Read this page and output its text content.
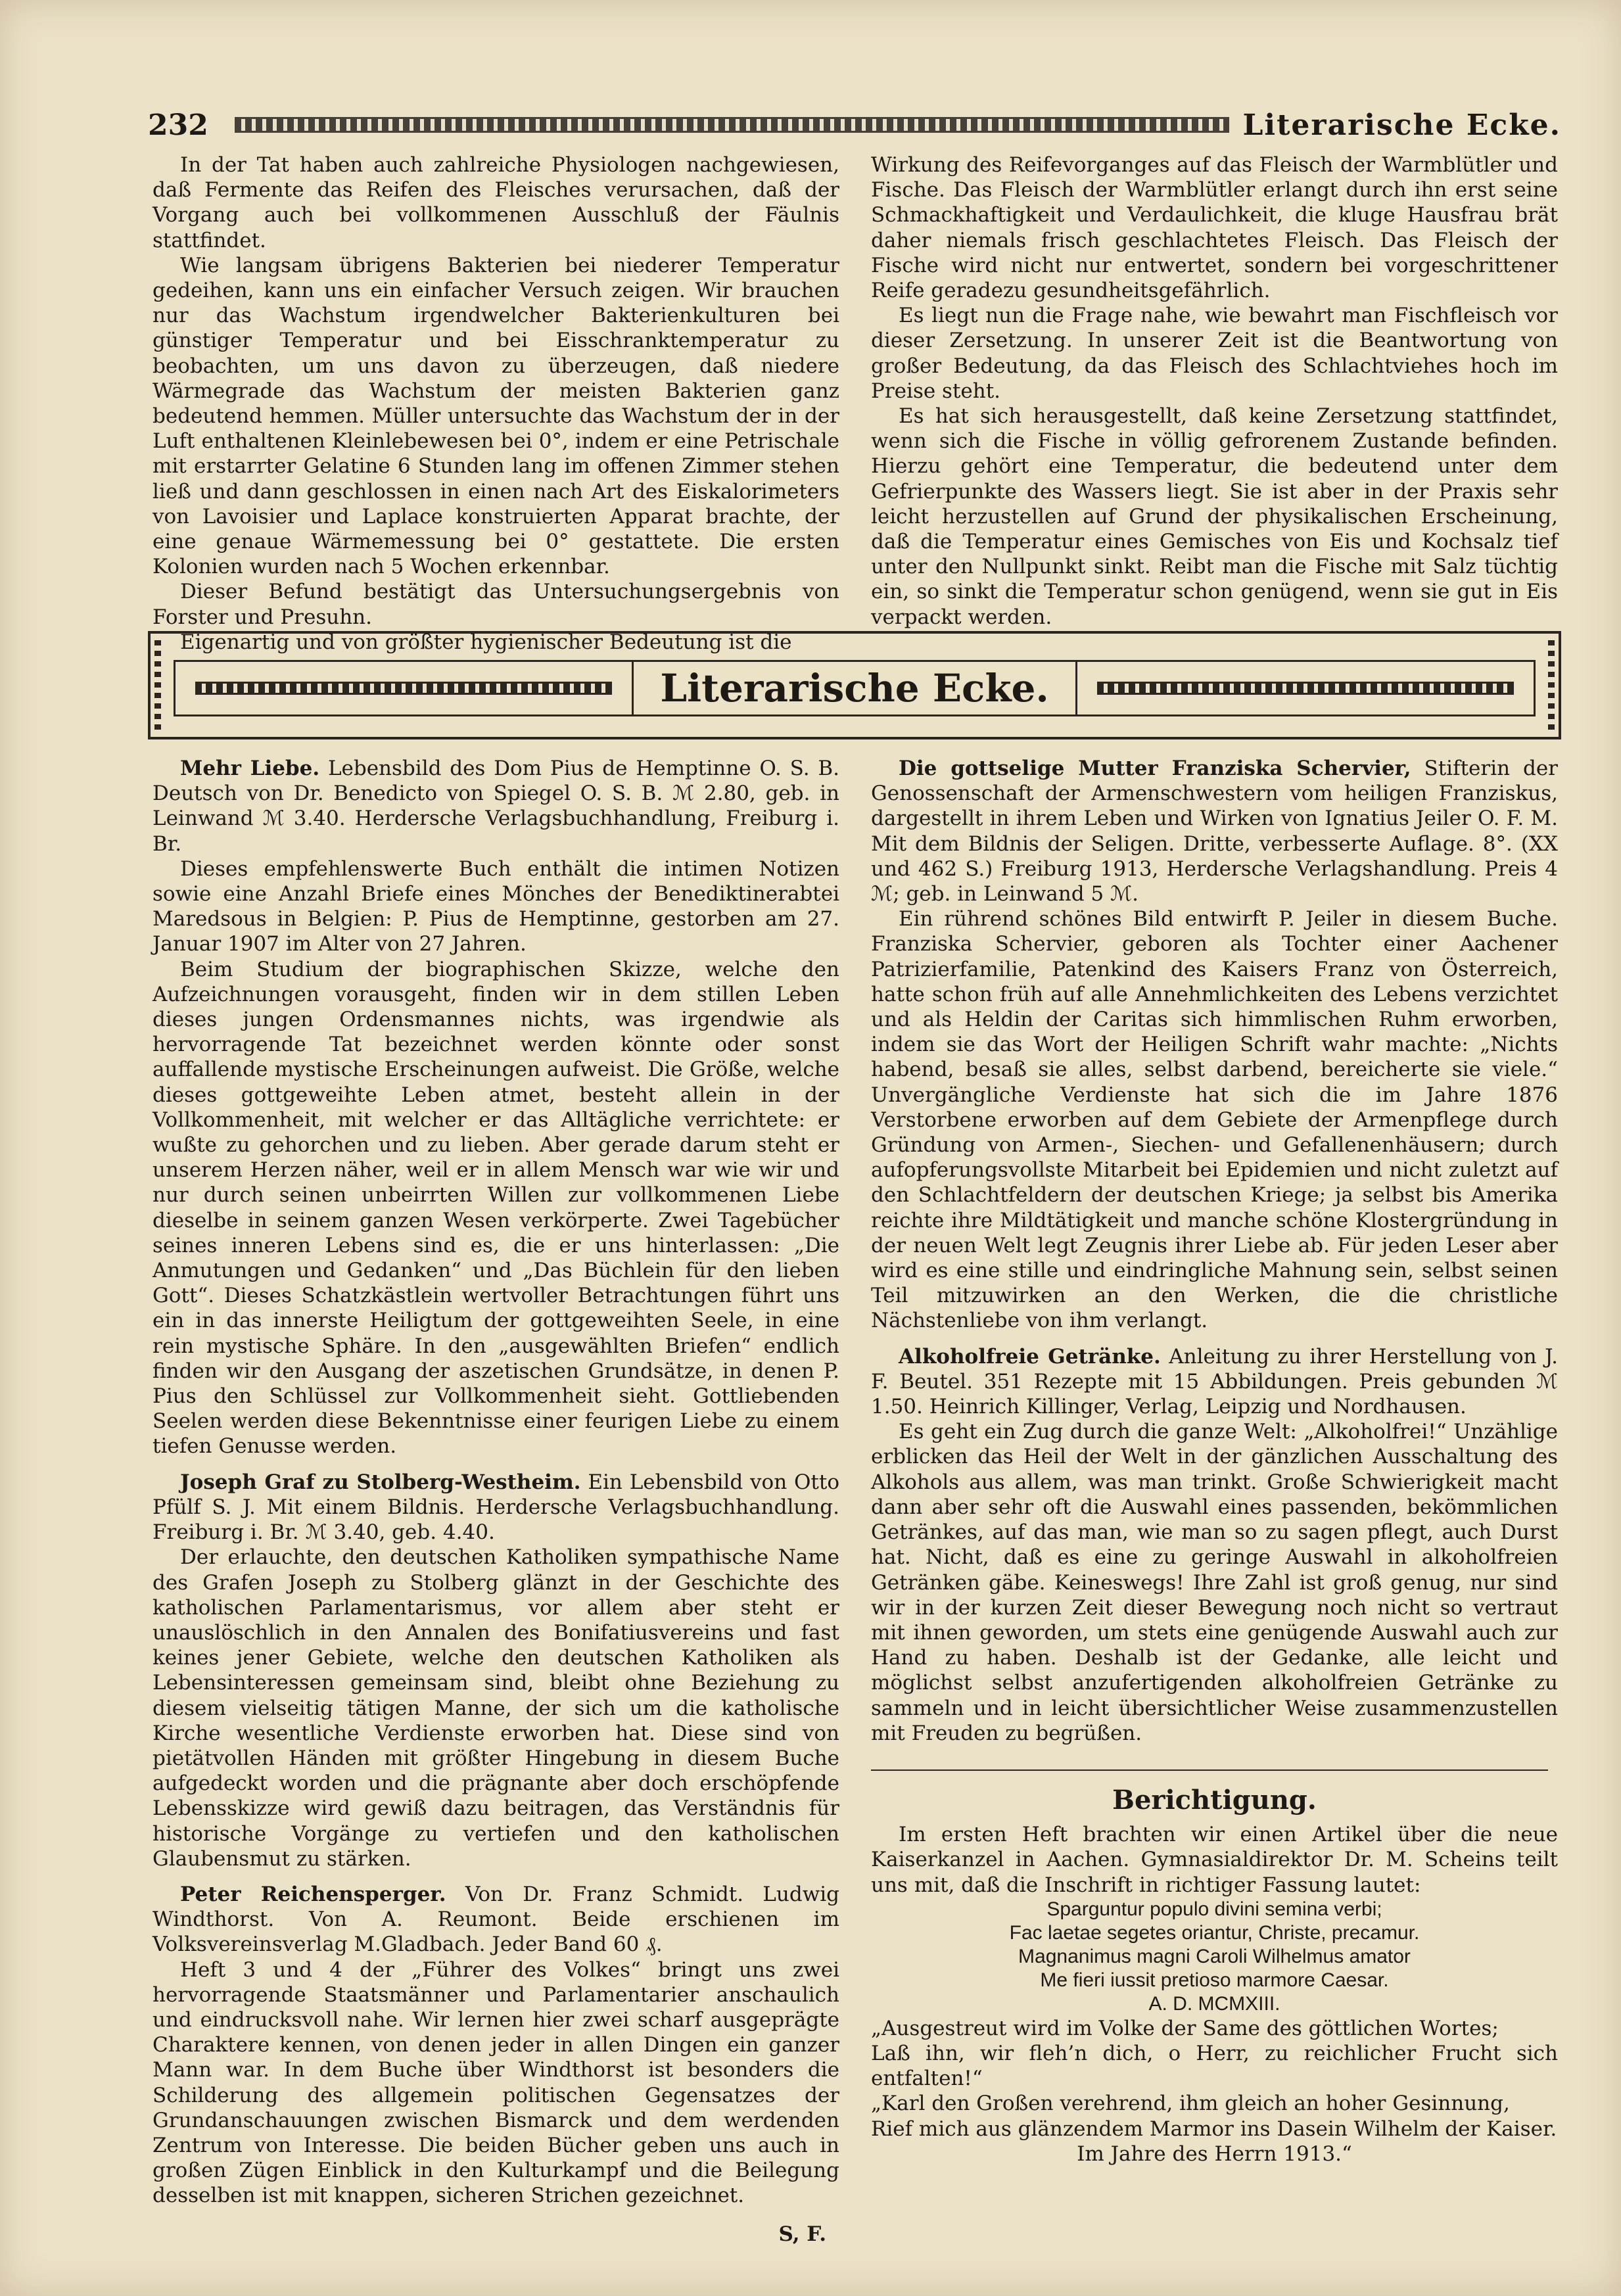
232	Literarische Ecke.

In der Tat haben auch zahlreiche Physiologen nachgewiesen, daß Fermente das Reifen des Fleisches verursachen, daß der Vorgang auch bei vollkommenen Ausschluß der Fäulnis stattfindet.

Wie langsam übrigens Bakterien bei niederer Temperatur gedeihen, kann uns ein einfacher Versuch zeigen. Wir brauchen nur das Wachstum irgendwelcher Bakterienkulturen bei günstiger Temperatur und bei Eisschranktemperatur zu beobachten, um uns davon zu überzeugen, daß niedere Wärmegrade das Wachstum der meisten Bakterien ganz bedeutend hemmen. Müller untersuchte das Wachstum der in der Luft enthaltenen Kleinlebewesen bei 0°, indem er eine Petrischale mit erstarrter Gelatine 6 Stunden lang im offenen Zimmer stehen ließ und dann geschlossen in einen nach Art des Eiskalorimeters von Lavoisier und Laplace konstruierten Apparat brachte, der eine genaue Wärmemessung bei 0° gestattete. Die ersten Kolonien wurden nach 5 Wochen erkennbar.

Dieser Befund bestätigt das Untersuchungsergebnis von Forster und Presuhn.

Eigenartig und von größter hygienischer Bedeutung ist die

Wirkung des Reifevorganges auf das Fleisch der Warmblütler und Fische. Das Fleisch der Warmblütler erlangt durch ihn erst seine Schmackhaftigkeit und Verdaulichkeit, die kluge Hausfrau brät daher niemals frisch geschlachtetes Fleisch. Das Fleisch der Fische wird nicht nur entwertet, sondern bei vorgeschrittener Reife geradezu gesundheitsgefährlich.

Es liegt nun die Frage nahe, wie bewahrt man Fischfleisch vor dieser Zersetzung. In unserer Zeit ist die Beantwortung von großer Bedeutung, da das Fleisch des Schlachtviehes hoch im Preise steht.

Es hat sich herausgestellt, daß keine Zersetzung stattfindet, wenn sich die Fische in völlig gefrorenem Zustande befinden. Hierzu gehört eine Temperatur, die bedeutend unter dem Gefrierpunkte des Wassers liegt. Sie ist aber in der Praxis sehr leicht herzustellen auf Grund der physikalischen Erscheinung, daß die Temperatur eines Gemisches von Eis und Kochsalz tief unter den Nullpunkt sinkt. Reibt man die Fische mit Salz tüchtig ein, so sinkt die Temperatur schon genügend, wenn sie gut in Eis verpackt werden.

Literarische Ecke.

Mehr Liebe. Lebensbild des Dom Pius de Hemptinne O. S. B. Deutsch von Dr. Benedicto von Spiegel O. S. B. ℳ 2.80, geb. in Leinwand ℳ 3.40. Herdersche Verlagsbuchhandlung, Freiburg i. Br.

Dieses empfehlenswerte Buch enthält die intimen Notizen sowie eine Anzahl Briefe eines Mönches der Benediktinerabtei Maredsous in Belgien: P. Pius de Hemptinne, gestorben am 27. Januar 1907 im Alter von 27 Jahren.

Beim Studium der biographischen Skizze, welche den Aufzeichnungen vorausgeht, finden wir in dem stillen Leben dieses jungen Ordensmannes nichts, was irgendwie als hervorragende Tat bezeichnet werden könnte oder sonst auffallende mystische Erscheinungen aufweist. Die Größe, welche dieses gottgeweihte Leben atmet, besteht allein in der Vollkommenheit, mit welcher er das Alltägliche verrichtete: er wußte zu gehorchen und zu lieben. Aber gerade darum steht er unserem Herzen näher, weil er in allem Mensch war wie wir und nur durch seinen unbeirrten Willen zur vollkommenen Liebe dieselbe in seinem ganzen Wesen verkörperte. Zwei Tagebücher seines inneren Lebens sind es, die er uns hinterlassen: „Die Anmutungen und Gedanken“ und „Das Büchlein für den lieben Gott“. Dieses Schatzkästlein wertvoller Betrachtungen führt uns ein in das innerste Heiligtum der gottgeweihten Seele, in eine rein mystische Sphäre. In den „ausgewählten Briefen“ endlich finden wir den Ausgang der aszetischen Grundsätze, in denen P. Pius den Schlüssel zur Vollkommenheit sieht. Gottliebenden Seelen werden diese Bekenntnisse einer feurigen Liebe zu einem tiefen Genusse werden.

Joseph Graf zu Stolberg-Westheim. Ein Lebensbild von Otto Pfülf S. J. Mit einem Bildnis. Herdersche Verlagsbuchhandlung. Freiburg i. Br. ℳ 3.40, geb. 4.40.

Der erlauchte, den deutschen Katholiken sympathische Name des Grafen Joseph zu Stolberg glänzt in der Geschichte des katholischen Parlamentarismus, vor allem aber steht er unauslöschlich in den Annalen des Bonifatiusvereins und fast keines jener Gebiete, welche den deutschen Katholiken als Lebensinteressen gemeinsam sind, bleibt ohne Beziehung zu diesem vielseitig tätigen Manne, der sich um die katholische Kirche wesentliche Verdienste erworben hat. Diese sind von pietätvollen Händen mit größter Hingebung in diesem Buche aufgedeckt worden und die prägnante aber doch erschöpfende Lebensskizze wird gewiß dazu beitragen, das Verständnis für historische Vorgänge zu vertiefen und den katholischen Glaubensmut zu stärken.

Peter Reichensperger. Von Dr. Franz Schmidt. Ludwig Windthorst. Von A. Reumont. Beide erschienen im Volksvereinsverlag M.Gladbach. Jeder Band 60 ₰.

Heft 3 und 4 der „Führer des Volkes“ bringt uns zwei hervorragende Staatsmänner und Parlamentarier anschaulich und eindrucksvoll nahe. Wir lernen hier zwei scharf ausgeprägte Charaktere kennen, von denen jeder in allen Dingen ein ganzer Mann war. In dem Buche über Windthorst ist besonders die Schilderung des allgemein politischen Gegensatzes der Grundanschauungen zwischen Bismarck und dem werdenden Zentrum von Interesse. Die beiden Bücher geben uns auch in großen Zügen Einblick in den Kulturkampf und die Beilegung desselben ist mit knappen, sicheren Strichen gezeichnet.

S, F.

Die gottselige Mutter Franziska Schervier, Stifterin der Genossenschaft der Armenschwestern vom heiligen Franziskus, dargestellt in ihrem Leben und Wirken von Ignatius Jeiler O. F. M. Mit dem Bildnis der Seligen. Dritte, verbesserte Auflage. 8°. (XX und 462 S.) Freiburg 1913, Herdersche Verlagshandlung. Preis 4 ℳ; geb. in Leinwand 5 ℳ.

Ein rührend schönes Bild entwirft P. Jeiler in diesem Buche. Franziska Schervier, geboren als Tochter einer Aachener Patrizierfamilie, Patenkind des Kaisers Franz von Österreich, hatte schon früh auf alle Annehmlichkeiten des Lebens verzichtet und als Heldin der Caritas sich himmlischen Ruhm erworben, indem sie das Wort der Heiligen Schrift wahr machte: „Nichts habend, besaß sie alles, selbst darbend, bereicherte sie viele.“ Unvergängliche Verdienste hat sich die im Jahre 1876 Verstorbene erworben auf dem Gebiete der Armenpflege durch Gründung von Armen-, Siechen- und Gefallenenhäusern; durch aufopferungsvollste Mitarbeit bei Epidemien und nicht zuletzt auf den Schlachtfeldern der deutschen Kriege; ja selbst bis Amerika reichte ihre Mildtätigkeit und manche schöne Klostergründung in der neuen Welt legt Zeugnis ihrer Liebe ab. Für jeden Leser aber wird es eine stille und eindringliche Mahnung sein, selbst seinen Teil mitzuwirken an den Werken, die die christliche Nächstenliebe von ihm verlangt.

Alkoholfreie Getränke. Anleitung zu ihrer Herstellung von J. F. Beutel. 351 Rezepte mit 15 Abbildungen. Preis gebunden ℳ 1.50. Heinrich Killinger, Verlag, Leipzig und Nordhausen.

Es geht ein Zug durch die ganze Welt: „Alkoholfrei!“ Unzählige erblicken das Heil der Welt in der gänzlichen Ausschaltung des Alkohols aus allem, was man trinkt. Große Schwierigkeit macht dann aber sehr oft die Auswahl eines passenden, bekömmlichen Getränkes, auf das man, wie man so zu sagen pflegt, auch Durst hat. Nicht, daß es eine zu geringe Auswahl in alkoholfreien Getränken gäbe. Keineswegs! Ihre Zahl ist groß genug, nur sind wir in der kurzen Zeit dieser Bewegung noch nicht so vertraut mit ihnen geworden, um stets eine genügende Auswahl auch zur Hand zu haben. Deshalb ist der Gedanke, alle leicht und möglichst selbst anzufertigenden alkoholfreien Getränke zu sammeln und in leicht übersichtlicher Weise zusammenzustellen mit Freuden zu begrüßen.

Berichtigung.

Im ersten Heft brachten wir einen Artikel über die neue Kaiserkanzel in Aachen. Gymnasialdirektor Dr. M. Scheins teilt uns mit, daß die Inschrift in richtiger Fassung lautet:

Sparguntur populo divini semina verbi;
Fac laetae segetes oriantur, Christe, precamur.
Magnanimus magni Caroli Wilhelmus amator
Me fieri iussit pretioso marmore Caesar.
A. D. MCMXIII.

„Ausgestreut wird im Volke der Same des göttlichen Wortes;

Laß ihn, wir fleh’n dich, o Herr, zu reichlicher Frucht sich entfalten!“

„Karl den Großen verehrend, ihm gleich an hoher Gesinnung,

Rief mich aus glänzendem Marmor ins Dasein Wilhelm der Kaiser.

Im Jahre des Herrn 1913.“
